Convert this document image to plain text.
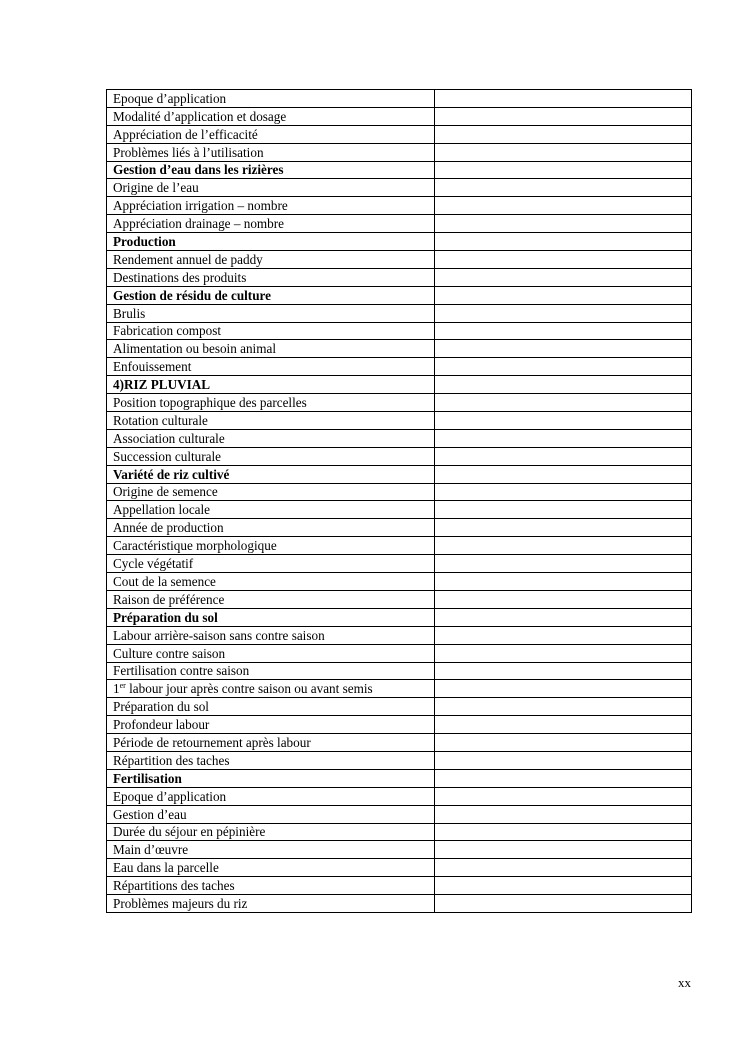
Epoque d’application	
Modalité d’application et dosage	
Appréciation de l’efficacité	
Problèmes liés à l’utilisation	
Gestion d’eau dans les rizières	
Origine de l’eau	
Appréciation irrigation – nombre	
Appréciation drainage – nombre	
Production	
Rendement annuel de paddy	
Destinations des produits	
Gestion de résidu de culture	
Brulis	
Fabrication compost	
Alimentation ou besoin animal	
Enfouissement	
4)RIZ PLUVIAL	
Position topographique des parcelles	
Rotation culturale	
Association culturale	
Succession culturale	
Variété de riz cultivé	
Origine de semence	
Appellation locale	
Année de production	
Caractéristique morphologique	
Cycle végétatif	
Cout de la semence	
Raison de préférence	
Préparation du sol	
Labour arrière-saison sans contre saison	
Culture contre saison	
Fertilisation contre saison	
1er labour jour après contre saison ou avant semis	
Préparation du sol	
Profondeur labour	
Période de retournement après labour	
Répartition des taches	
Fertilisation	
Epoque d’application	
Gestion d’eau	
Durée du séjour en pépinière	
Main d’œuvre	
Eau dans la parcelle	
Répartitions des taches	
Problèmes majeurs du riz	
xx
